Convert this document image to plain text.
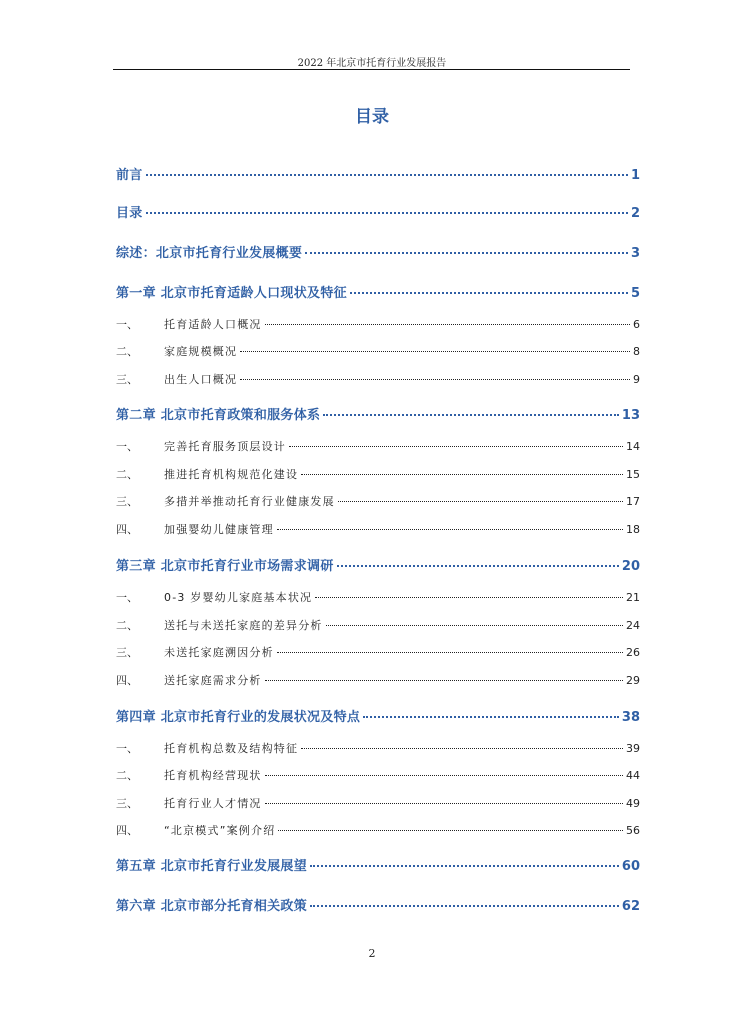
2022 年北京市托育行业发展报告
目录
前言	1
目录	2
综述：北京市托育行业发展概要	3
第一章 北京市托育适龄人口现状及特征	5
一、	托育适龄人口概况	6
二、	家庭规模概况	8
三、	出生人口概况	9
第二章 北京市托育政策和服务体系	13
一、	完善托育服务顶层设计	14
二、	推进托育机构规范化建设	15
三、	多措并举推动托育行业健康发展	17
四、	加强婴幼儿健康管理	18
第三章 北京市托育行业市场需求调研	20
一、	0-3 岁婴幼儿家庭基本状况	21
二、	送托与未送托家庭的差异分析	24
三、	未送托家庭溯因分析	26
四、	送托家庭需求分析	29
第四章 北京市托育行业的发展状况及特点	38
一、	托育机构总数及结构特征	39
二、	托育机构经营现状	44
三、	托育行业人才情况	49
四、	“北京模式”案例介绍	56
第五章 北京市托育行业发展展望	60
第六章 北京市部分托育相关政策	62
2
